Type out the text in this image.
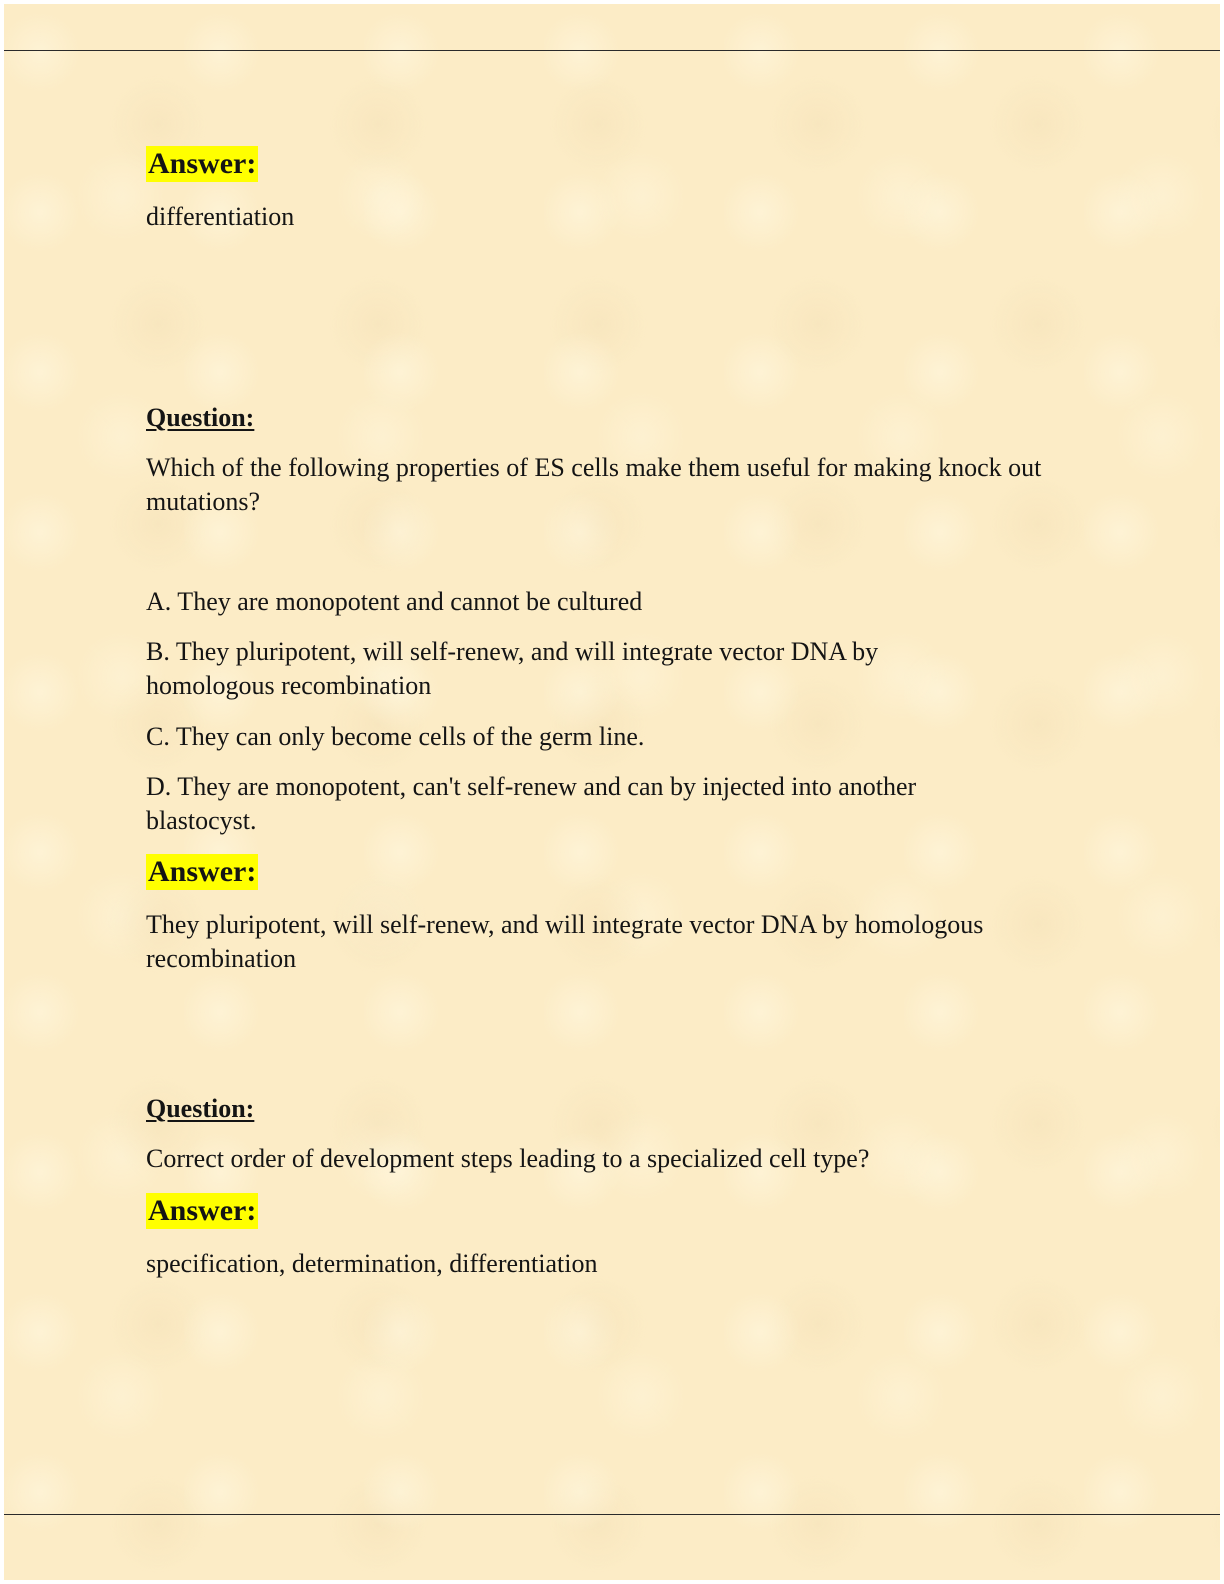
Answer:

differentiation

Question:

Which of the following properties of ES cells make them useful for making knock out mutations?

A. They are monopotent and cannot be cultured

B. They pluripotent, will self-renew, and will integrate vector DNA by homologous recombination

C. They can only become cells of the germ line.

D. They are monopotent, can't self-renew and can by injected into another blastocyst.

Answer:

They pluripotent, will self-renew, and will integrate vector DNA by homologous recombination

Question:

Correct order of development steps leading to a specialized cell type?

Answer:

specification, determination, differentiation
